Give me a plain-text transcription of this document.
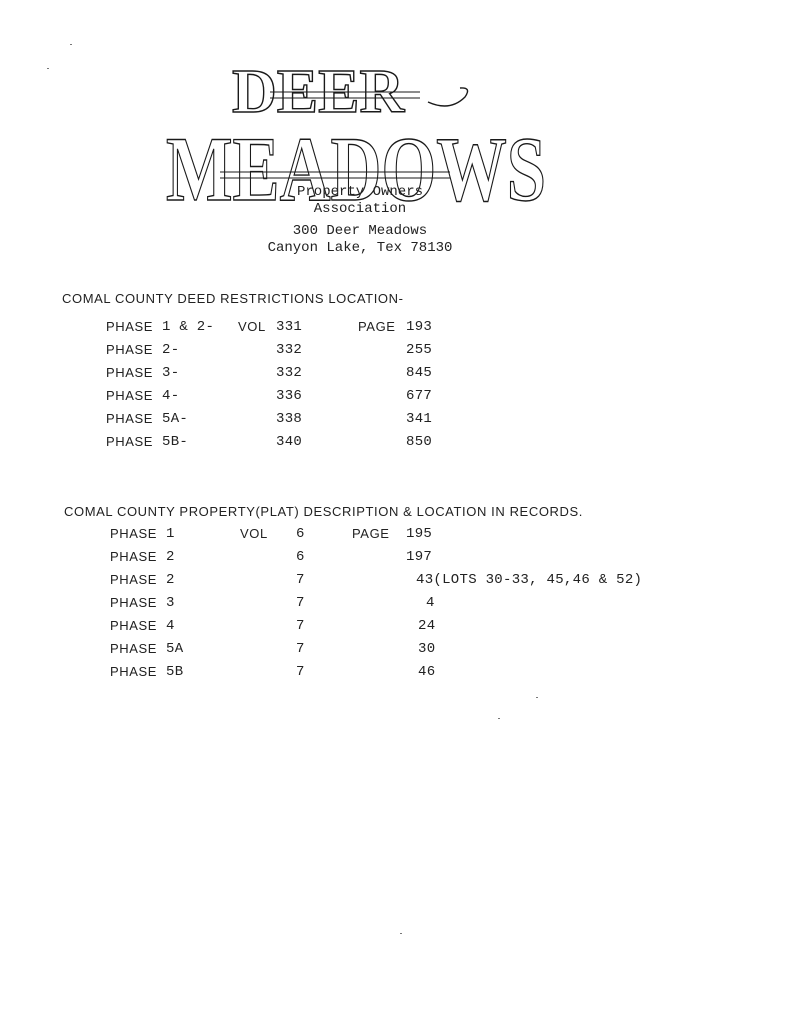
DEER
MEADOWS
Property Owners
Association
300 Deer Meadows
Canyon Lake, Tex 78130
COMAL COUNTY DEED RESTRICTIONS LOCATION-
PHASE 1 & 2- VOL 331	PAGE 193
PHASE 2-	332	255
PHASE 3-	332	845
PHASE 4-	336	677
PHASE 5A-	338	341
PHASE 5B-	340	850
COMAL COUNTY PROPERTY(PLAT) DESCRIPTION & LOCATION IN RECORDS.
PHASE 1	VOL 6	PAGE 195
PHASE 2	6	197
PHASE 2	7	43(LOTS 30-33, 45,46 & 52)
PHASE 3	7	4
PHASE 4	7	24
PHASE 5A	7	30
PHASE 5B	7	46
